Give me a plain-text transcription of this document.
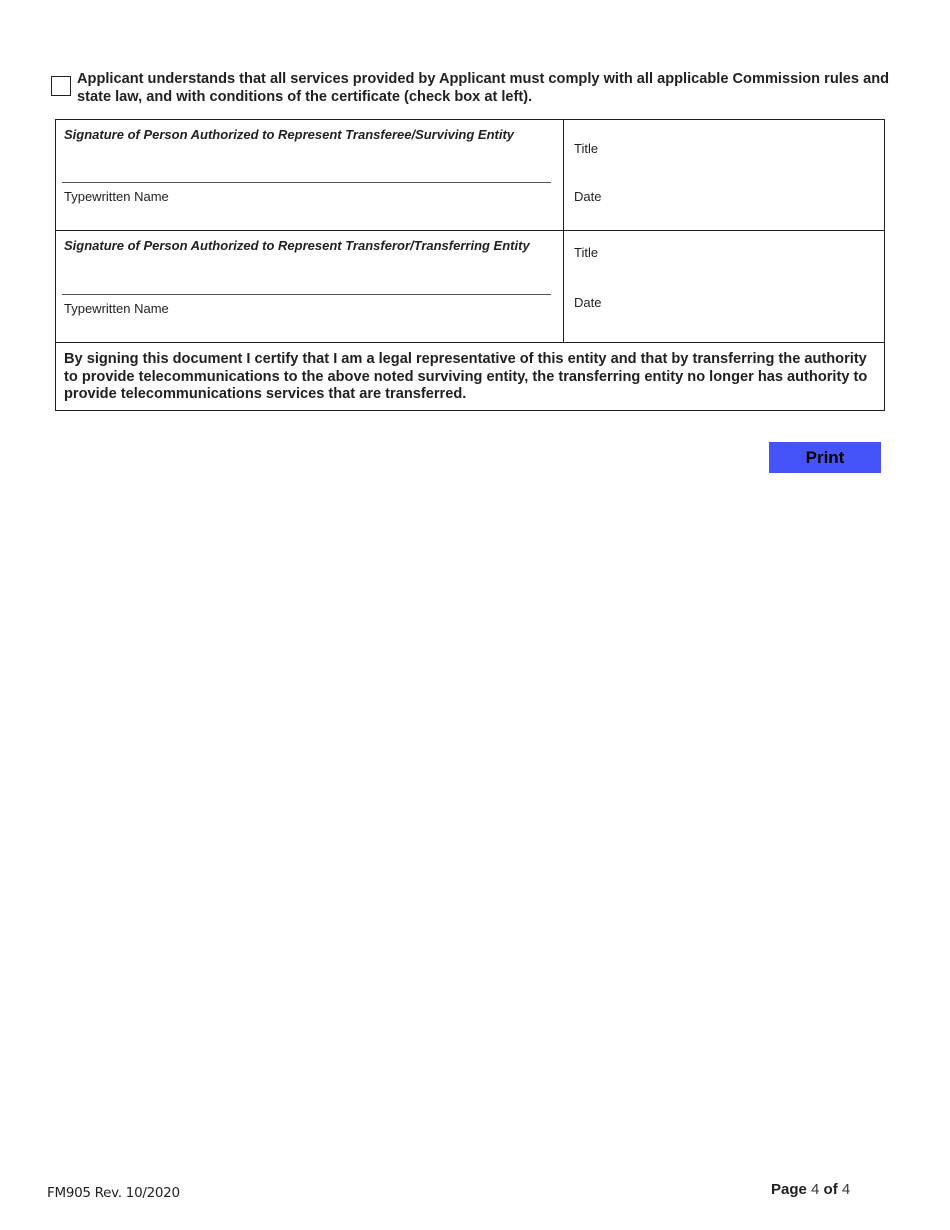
Applicant understands that all services provided by Applicant must comply with all applicable Commission rules and state law, and with conditions of the certificate (check box at left).
Signature of Person Authorized to Represent Transferee/Surviving Entity
Typewritten Name
Title
Date
Signature of Person Authorized to Represent Transferor/Transferring Entity
Typewritten Name
Title
Date
By signing this document I certify that I am a legal representative of this entity and that by transferring the authority to provide telecommunications to the above noted surviving entity, the transferring entity no longer has authority to provide telecommunications services that are transferred.
Print
FM905 Rev. 10/2020	Page 4 of 4
